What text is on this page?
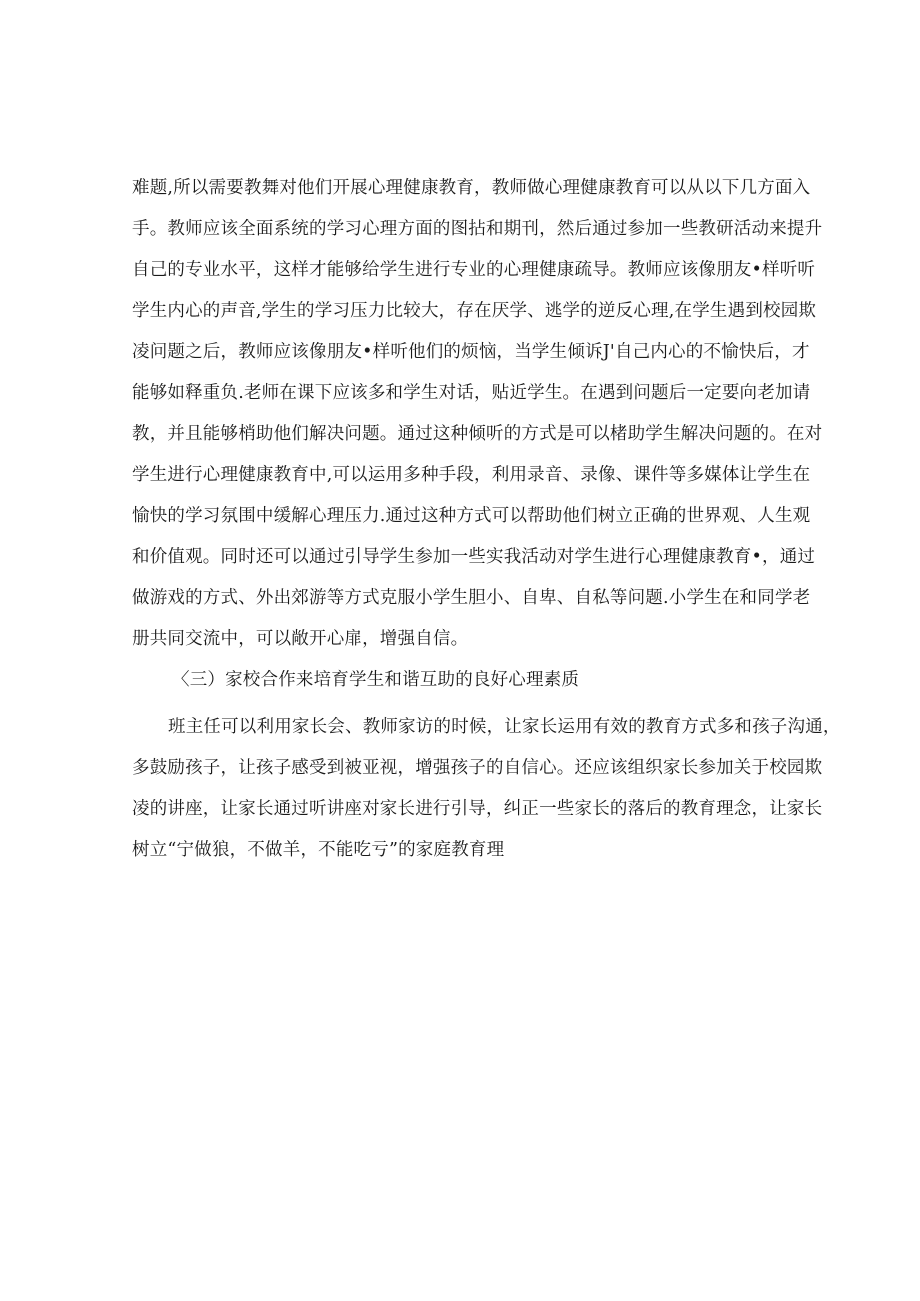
难题,所以需要教舞对他们开展心理健康教育，教师做心理健康教育可以从以下几方面入
手。教师应该全面系统的学习心理方面的图拈和期刊，然后通过参加一些教研活动来提升
自己的专业水平，这样才能够给学生进行专业的心理健康疏导。教师应该像朋友•样听听
学生内心的声音,学生的学习压力比较大，存在厌学、逃学的逆反心理,在学生遇到校园欺
凌问题之后，教师应该像朋友•样听他们的烦恼，当学生倾诉J'自己内心的不愉快后，才
能够如释重负.老师在课下应该多和学生对话，贴近学生。在遇到问题后一定要向老加请
教，并且能够梢助他们解决问题。通过这种倾听的方式是可以楮助学生解决问题的。在对
学生进行心理健康教育中,可以运用多种手段，利用录音、录像、课件等多媒体让学生在
愉快的学习氛围中缓解心理压力.通过这种方式可以帮助他们树立正确的世界观、人生观
和价值观。同时还可以通过引导学生参加一些实我活动对学生进行心理健康教育•，通过
做游戏的方式、外出郊游等方式克服小学生胆小、自卑、自私等问题.小学生在和同学老
册共同交流中，可以敞开心扉，增强自信。
〈三）家校合作来培育学生和谐互助的良好心理素质
班主任可以利用家长会、教师家访的时候，让家长运用有效的教育方式多和孩子沟通，
多鼓励孩子，让孩子感受到被亚视，增强孩子的自信心。还应该组织家长参加关于校园欺
凌的讲座，让家长通过听讲座对家长进行引导，纠正一些家长的落后的教育理念，让家长
树立“宁做狼，不做羊，不能吃亏”的家庭教育理
